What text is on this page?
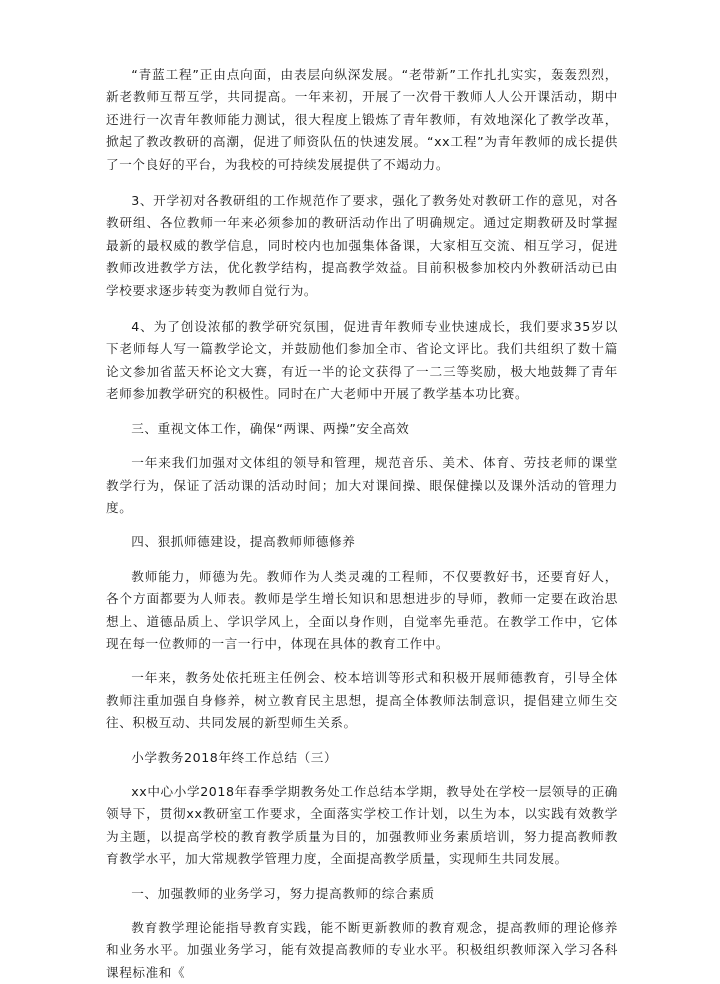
“青蓝工程”正由点向面，由表层向纵深发展。“老带新”工作扎扎实实，轰轰烈烈，新老教师互帮互学，共同提高。一年来初，开展了一次骨干教师人人公开课活动，期中还进行一次青年教师能力测试，很大程度上锻炼了青年教师，有效地深化了教学改革，掀起了教改教研的高潮，促进了师资队伍的快速发展。“xx工程”为青年教师的成长提供了一个良好的平台，为我校的可持续发展提供了不竭动力。

3、开学初对各教研组的工作规范作了要求，强化了教务处对教研工作的意见，对各教研组、各位教师一年来必须参加的教研活动作出了明确规定。通过定期教研及时掌握最新的最权威的教学信息，同时校内也加强集体备课，大家相互交流、相互学习，促进教师改进教学方法，优化教学结构，提高教学效益。目前积极参加校内外教研活动已由学校要求逐步转变为教师自觉行为。

4、为了创设浓郁的教学研究氛围，促进青年教师专业快速成长，我们要求35岁以下老师每人写一篇教学论文，并鼓励他们参加全市、省论文评比。我们共组织了数十篇论文参加省蓝天杯论文大赛，有近一半的论文获得了一二三等奖励，极大地鼓舞了青年老师参加教学研究的积极性。同时在广大老师中开展了教学基本功比赛。

三、重视文体工作，确保“两课、两操”安全高效

一年来我们加强对文体组的领导和管理，规范音乐、美术、体育、劳技老师的课堂教学行为，保证了活动课的活动时间；加大对课间操、眼保健操以及课外活动的管理力度。

四、狠抓师德建设，提高教师师德修养

教师能力，师德为先。教师作为人类灵魂的工程师，不仅要教好书，还要育好人，各个方面都要为人师表。教师是学生增长知识和思想进步的导师，教师一定要在政治思想上、道德品质上、学识学风上，全面以身作则，自觉率先垂范。在教学工作中，它体现在每一位教师的一言一行中，体现在具体的教育工作中。

一年来，教务处依托班主任例会、校本培训等形式和积极开展师德教育，引导全体教师注重加强自身修养，树立教育民主思想，提高全体教师法制意识，提倡建立师生交往、积极互动、共同发展的新型师生关系。

小学教务2018年终工作总结（三）

xx中心小学2018年春季学期教务处工作总结本学期，教导处在学校一层领导的正确领导下，贯彻xx教研室工作要求，全面落实学校工作计划，以生为本，以实践有效教学为主题，以提高学校的教育教学质量为目的，加强教师业务素质培训，努力提高教师教育教学水平，加大常规教学管理力度，全面提高教学质量，实现师生共同发展。

一、加强教师的业务学习，努力提高教师的综合素质

教育教学理论能指导教育实践，能不断更新教师的教育观念，提高教师的理论修养和业务水平。加强业务学习，能有效提高教师的专业水平。积极组织教师深入学习各科课程标准和《
